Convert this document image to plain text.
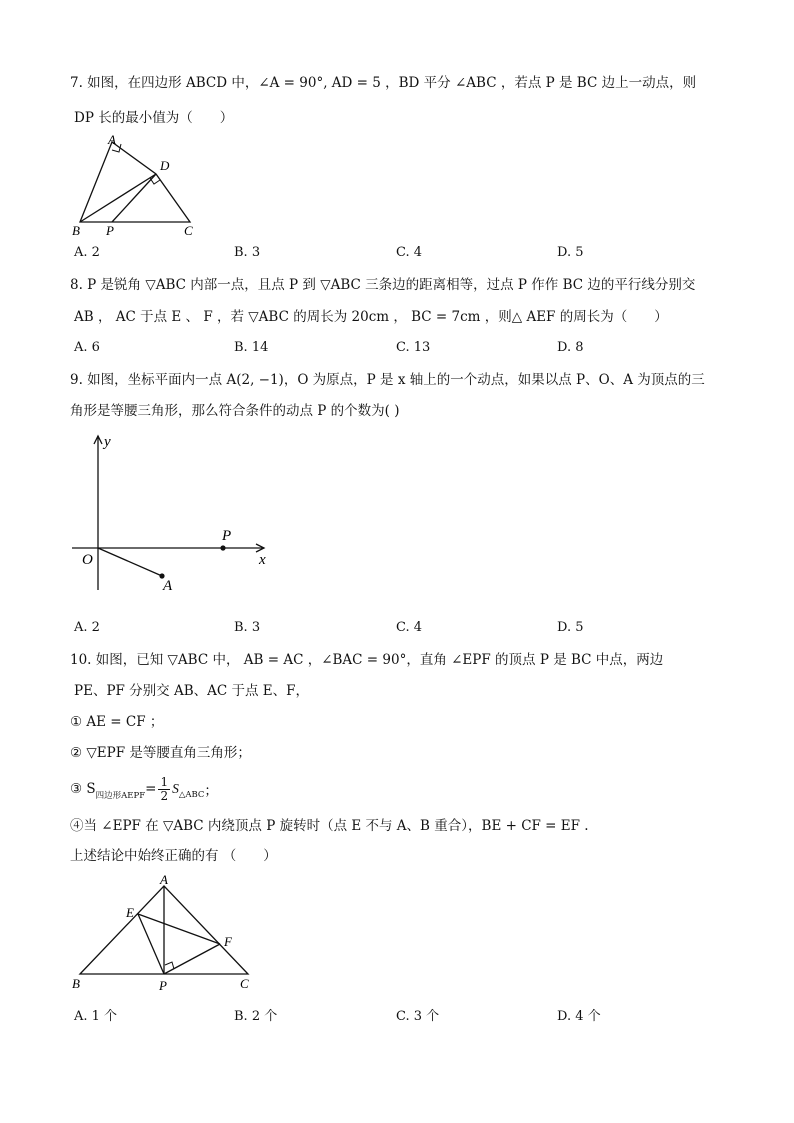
7. 如图，在四边形 ABCD 中，∠A = 90°, AD = 5 ，BD 平分 ∠ABC ，若点 P 是 BC 边上一动点，则
DP 长的最小值为（　　）
A
D
B P	C
A. 2	B. 3	C. 4	D. 5
8. P 是锐角 ▽ABC 内部一点，且点 P 到 ▽ABC 三条边的距离相等，过点 P 作作 BC 边的平行线分别交
AB ， AC 于点 E 、 F ，若 ▽ABC 的周长为 20cm ， BC = 7cm ，则△ AEF 的周长为（　　）
A. 6	B. 14	C. 13	D. 8
9. 如图，坐标平面内一点 A(2, −1)，O 为原点，P 是 x 轴上的一个动点，如果以点 P、O、A 为顶点的三
角形是等腰三角形，那么符合条件的动点 P 的个数为( )
y
x
O
P
A
A. 2	B. 3	C. 4	D. 5
10. 如图，已知 ▽ABC 中， AB = AC ，∠BAC = 90°，直角 ∠EPF 的顶点 P 是 BC 中点，两边
PE、PF 分别交 AB、AC 于点 E、F，
① AE = CF ；
② ▽EPF 是等腰直角三角形；
③ S 四边形AEPF = $\frac{1}{2}$ S △ABC ；
④当 ∠EPF 在 ▽ABC 内绕顶点 P 旋转时（点 E 不与 A、B 重合），BE + CF = EF .
上述结论中始终正确的有 （　　）
A
E
F
B	P	C
A. 1 个	B. 2 个	C. 3 个	D. 4 个
